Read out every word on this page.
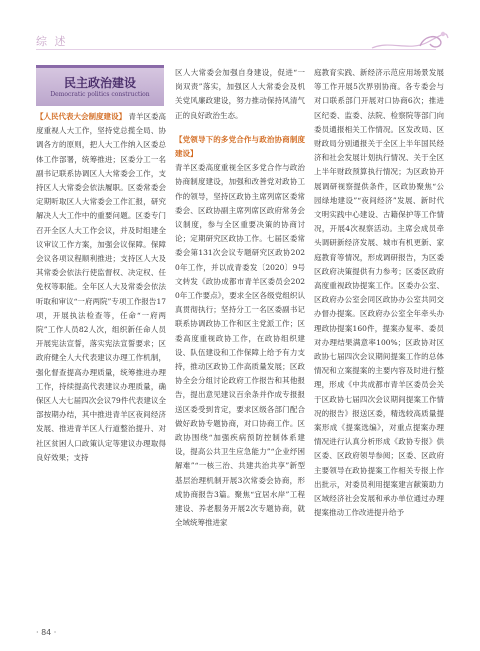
综 述
民主政治建设
Democratic politics construction
【人民代表大会制度建设】 青羊区委高度重视人大工作，坚持党总揽全局、协调各方的原则，把人大工作纳入区委总体工作部署，统筹推进；区委分工一名副书记联系协调区人大常委会工作，支持区人大常委会依法履职。区委常委会定期听取区人大常委会工作汇报，研究解决人大工作中的重要问题。区委专门召开全区人大工作会议，并及时组建全议审议工作方案，加强会议保障。保障会议各项议程顺利推进；支持区人大及其常委会依法行使监督权、决定权、任免权等职能。全年区人大及常委会依法听取和审议“一府两院”专项工作报告17项，开展执法检查等，任命“一府两院”工作人员82人次，组织新任命人员开展宪法宣誓，落实宪法宣誓要求；区政府健全人大代表建议办理工作机制，强化督查提高办理质量，统筹推进办理工作，持续提高代表建议办理质量，确保区人大七届四次会议79件代表建议全部按期办结，其中推进青羊区夜间经济发展、推进青羊区人行道整治提升、对社区贫困人口政策认定等建议办理取得良好效果；支持
区人大常委会加强自身建设，促进“一岗双责”落实，加强区人大常委会及机关党风廉政建设，努力推动保持风清气正的良好政治生态。
【党领导下的多党合作与政治协商制度建设】
青羊区委高度重视全区多党合作与政治协商制度建设，加强和改善党对政协工作的领导，坚持区政协主席列席区委常委会、区政协副主席列席区政府常务会议制度，参与全区重要决策的协商讨论；定期研究区政协工作。七届区委常委会第131次会议专题研究区政协2020年工作，并以成青委发〔2020〕9号文转发《政协成都市青羊区委员会2020年工作要点》，要求全区各级党组织认真贯彻执行；坚持分工一名区委副书记联系协调政协工作和区主党派工作；区委高度重视政协工作，在政协组织建设、队伍建设和工作保障上给予有力支持，推动区政协工作高质量发展；区政协全会分组讨论政府工作报告和其他报告，提出意见建议百余条并作成专报报送区委受到肯定，要求区级各部门配合做好政协专题协商，对口协商工作。区政协围绕“加强疾病预防控制体系建设，提高公共卫生应急能力”“企业纾困解难”“一核三治、共建共治共享”新型基层治理机制开展3次常委会协商，形成协商报告3篇。聚焦“宜居水岸”工程建设、养老服务开展2次专题协商，就全域统筹推进家
庭教育实践、新经济示范应用场景发展等工作开展5次界别协商。各专委会与对口联系部门开展对口协商6次；推进区纪委、监委、法院、检察院等部门向委员通报相关工作情况。区发改局、区财政局分别通报关于全区上半年国民经济和社会发展计划执行情况、关于全区上半年财政预算执行情况；为区政协开展调研视察提供条件，区政协聚焦“公园绿地建设”“夜间经济”发展、新时代文明实践中心建设、古籍保护等工作情况，开展4次视察活动。主席会成员牵头调研新经济发展、城市有机更新、家庭教育等情况，形成调研报告，为区委区政府决策提供有力参考；区委区政府高度重视政协提案工作。区委办公室、区政府办公室会同区政协办公室共同交办督办提案。区政府办公室全年牵头办理政协提案160件，提案办复率、委员对办理结果满意率100%；区政协对区政协七届四次会议期间提案工作的总体情况和立案提案的主要内容及时进行整理，形成《中共成都市青羊区委员会关于区政协七届四次会议期间提案工作情况的报告》报送区委，精选较高质量提案形成《提案选编》，对重点提案办理情况进行认真分析形成《政协专报》供区委、区政府领导参阅；区委、区政府主要领导在政协提案工作相关专报上作出批示，对委员利用提案建言献策助力区域经济社会发展和承办单位通过办理提案推动工作改进提升给予
· 84 ·
